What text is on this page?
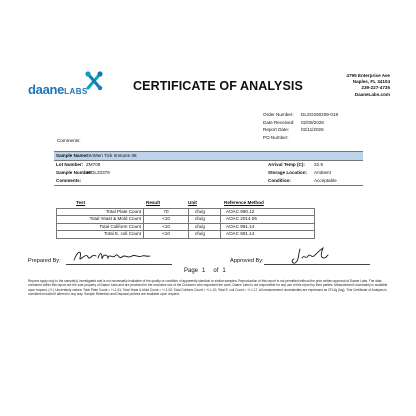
daaneLABS	CERTIFICATE OF ANALYSIS
4795 Enterprise Ave
Naples, FL 34104
239-227-4735
DaaneLabs.com
Order Number:	DLSO260209-018
Date Received:	02/09/2026
Report Date:	02/11/2026
PO Number:
Comments:
Sample Name:
ZenMen Tick Immune 08
Lot Number: ZM708	Arrival Temp (C): 22.9
Sample Number:
26DL33378	Storage Location: Ambient
Comments:	Condition:	Acceptable
Test	Result	Unit	Reference Method
Total Plate Count	70	cfu/g	AOAC 990.12
Total Yeast & Mold Count	<10	cfu/g	AOAC 2014.05
Total Coliform Count	<10	cfu/g	AOAC 991.14
Total E. coli Count	<10	cfu/g	AOAC 991.14
Prepared By:	Approved By:
Page 1 of 1
Reports apply only to the sample(s) investigated and is not necessarily indicative of the quality or condition of apparently identical or similar samples. Reproduction of this report is not permitted without the prior written approval of Daane Labs. The data contained within this report are the sole property of Daane Labs and are provided for the exclusive use of the Customer who requested the work. Daane Labs is not responsible for any use of this report by third parties. Measurement Uncertainty is available upon request. (+/-) Uncertainty values: Total Plate Count = +/-1.51; Total Yeast & Mold Count = +/-1.02; Total Coliform Count = +/-1.10; Total E. coli Count = +/-1.17. All measurement uncertainties are expressed as CFU/g (log). This Certificate of Analysis is considered invalid if altered in any way. Sample Retention and Disposal policies are available upon request.
